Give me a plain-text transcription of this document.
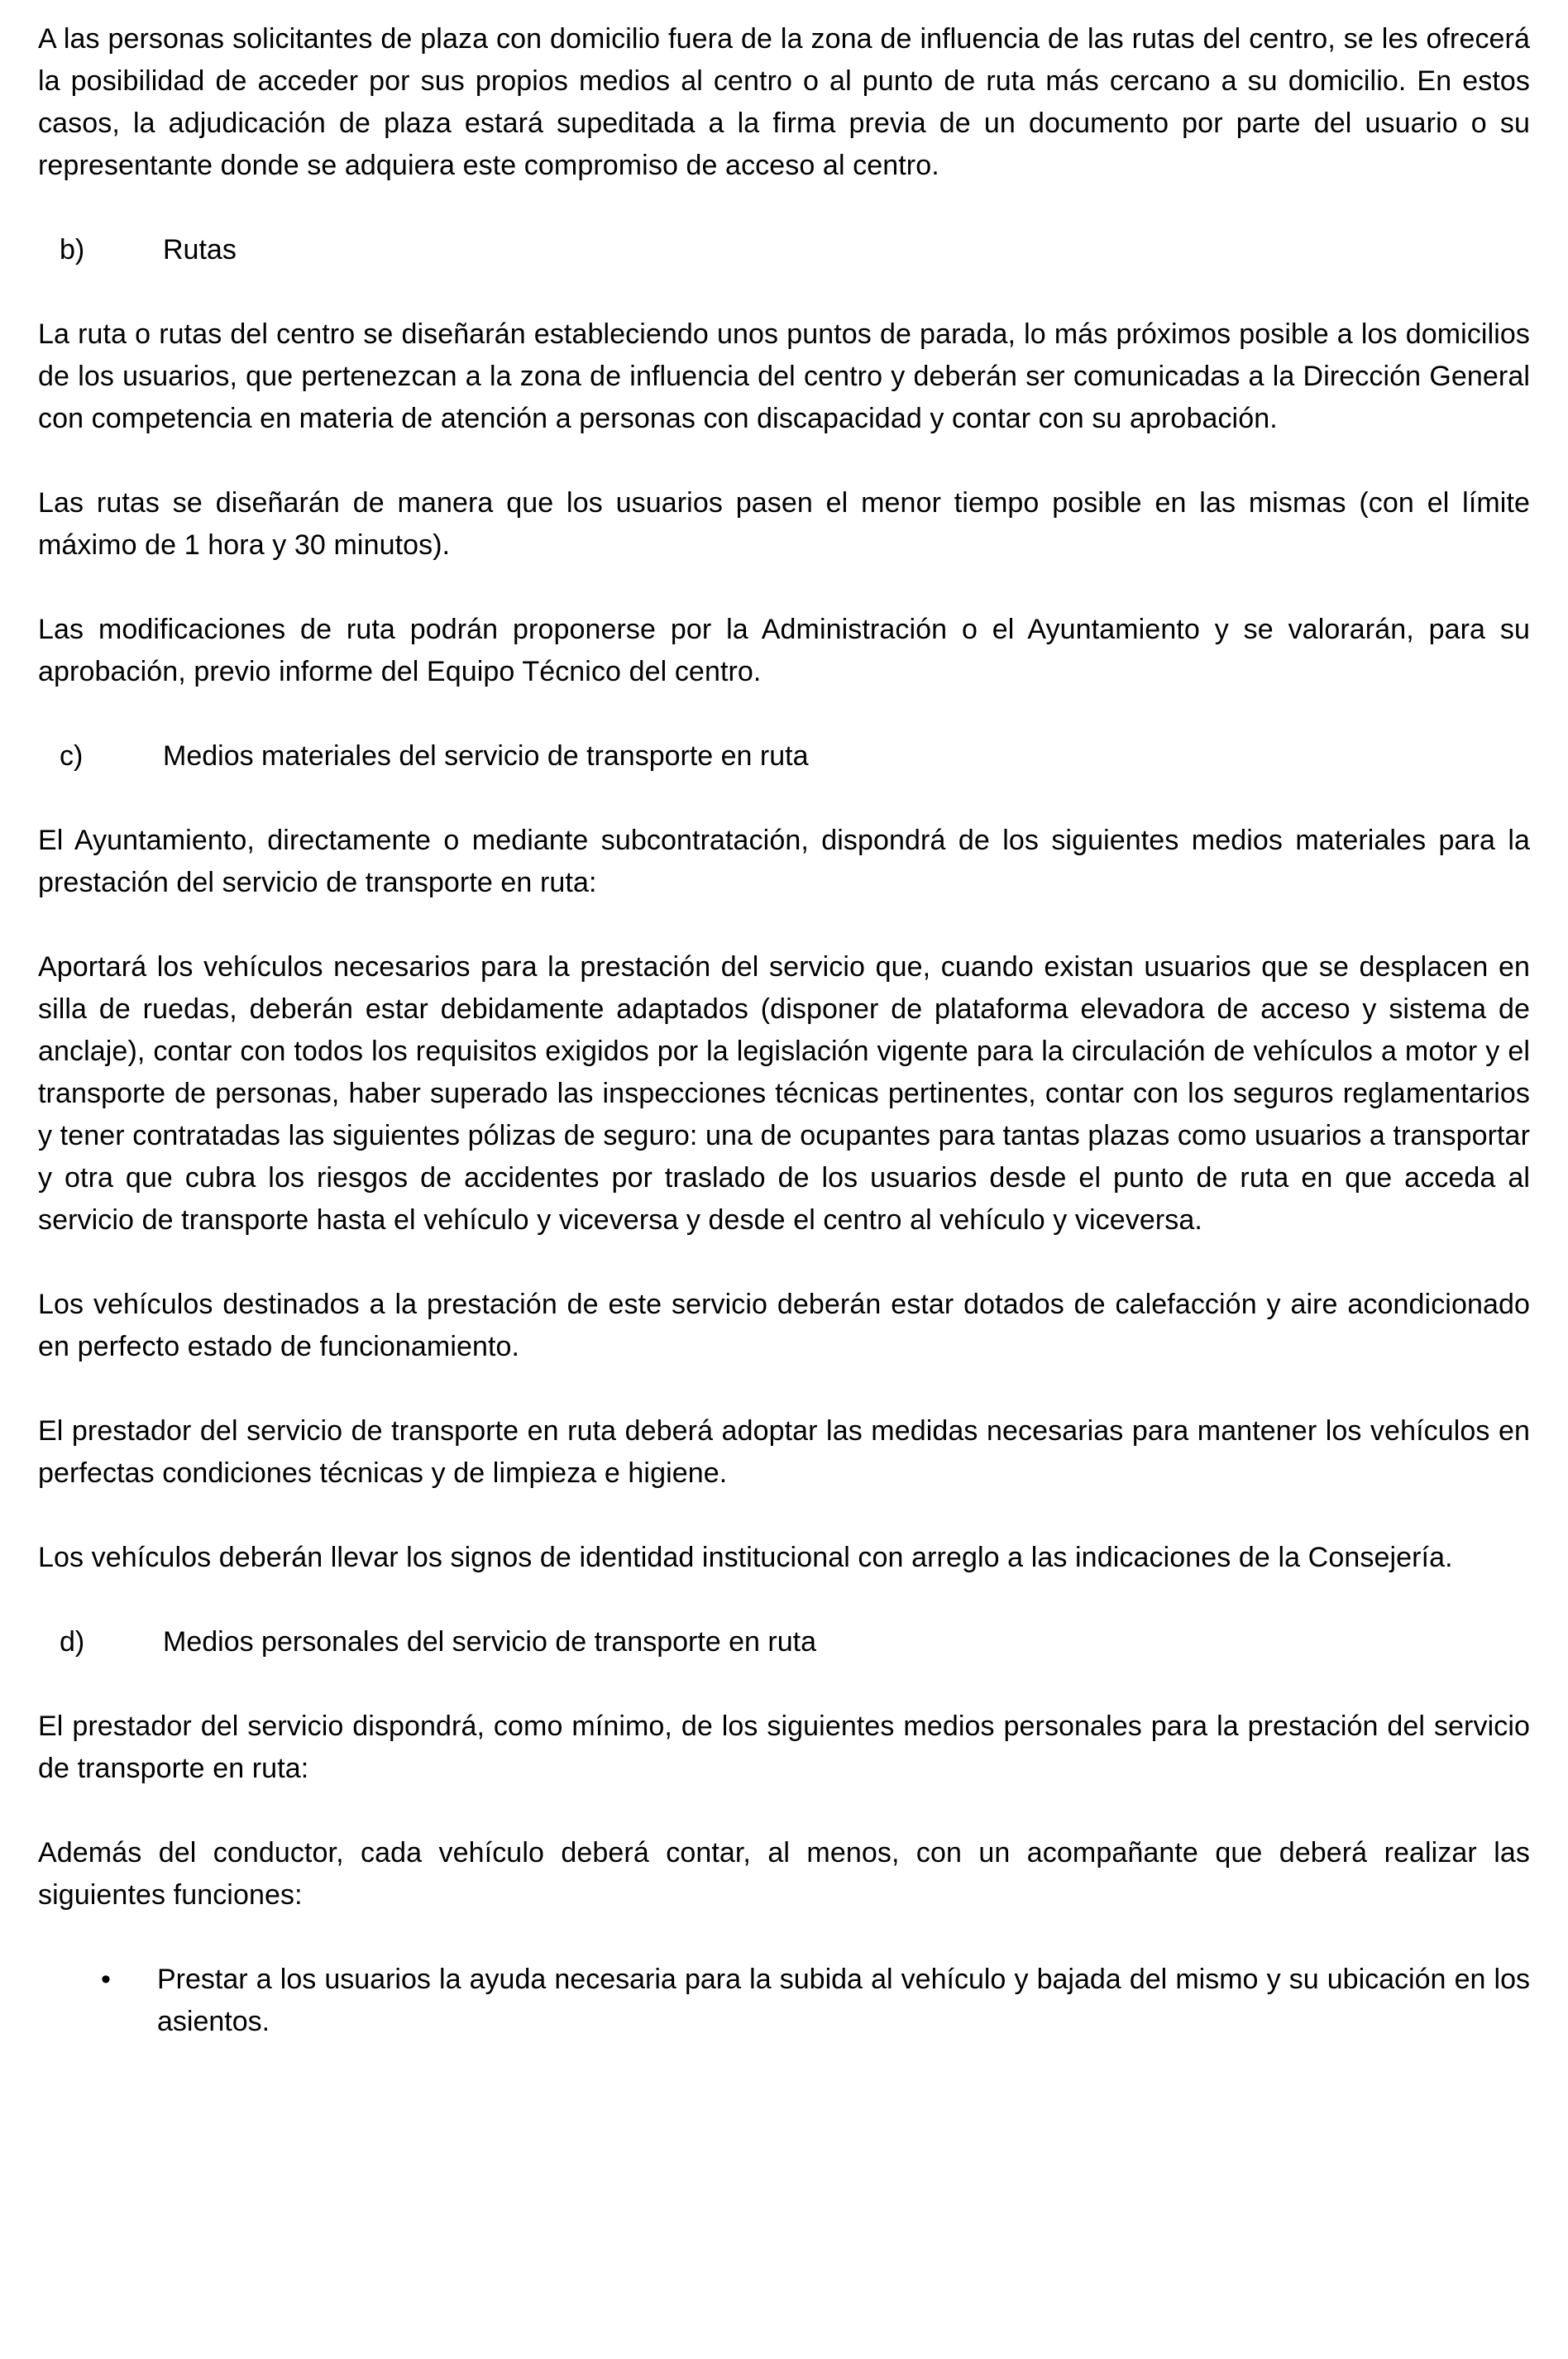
A las personas solicitantes de plaza con domicilio fuera de la zona de influencia de las rutas del centro, se les ofrecerá la posibilidad de acceder por sus propios medios al centro o al punto de ruta más cercano a su domicilio. En estos casos, la adjudicación de plaza estará supeditada a la firma previa de un documento por parte del usuario o su representante donde se adquiera este compromiso de acceso al centro.

b)	Rutas

La ruta o rutas del centro se diseñarán estableciendo unos puntos de parada, lo más próximos posible a los domicilios de los usuarios, que pertenezcan a la zona de influencia del centro y deberán ser comunicadas a la Dirección General con competencia en materia de atención a personas con discapacidad y contar con su aprobación.

Las rutas se diseñarán de manera que los usuarios pasen el menor tiempo posible en las mismas (con el límite máximo de 1 hora y 30 minutos).

Las modificaciones de ruta podrán proponerse por la Administración o el Ayuntamiento y se valorarán, para su aprobación, previo informe del Equipo Técnico del centro.

c)	Medios materiales del servicio de transporte en ruta

El Ayuntamiento, directamente o mediante subcontratación, dispondrá de los siguientes medios materiales para la prestación del servicio de transporte en ruta:

Aportará los vehículos necesarios para la prestación del servicio que, cuando existan usuarios que se desplacen en silla de ruedas, deberán estar debidamente adaptados (disponer de plataforma elevadora de acceso y sistema de anclaje), contar con todos los requisitos exigidos por la legislación vigente para la circulación de vehículos a motor y el transporte de personas, haber superado las inspecciones técnicas pertinentes, contar con los seguros reglamentarios y tener contratadas las siguientes pólizas de seguro: una de ocupantes para tantas plazas como usuarios a transportar y otra que cubra los riesgos de accidentes por traslado de los usuarios desde el punto de ruta en que acceda al servicio de transporte hasta el vehículo y viceversa y desde el centro al vehículo y viceversa.

Los vehículos destinados a la prestación de este servicio deberán estar dotados de calefacción y aire acondicionado en perfecto estado de funcionamiento.

El prestador del servicio de transporte en ruta deberá adoptar las medidas necesarias para mantener los vehículos en perfectas condiciones técnicas y de limpieza e higiene.

Los vehículos deberán llevar los signos de identidad institucional con arreglo a las indicaciones de la Consejería.

d)	Medios personales del servicio de transporte en ruta

El prestador del servicio dispondrá, como mínimo, de los siguientes medios personales para la prestación del servicio de transporte en ruta:

Además del conductor, cada vehículo deberá contar, al menos, con un acompañante que deberá realizar las siguientes funciones:

•	Prestar a los usuarios la ayuda necesaria para la subida al vehículo y bajada del mismo y su ubicación en los asientos.
